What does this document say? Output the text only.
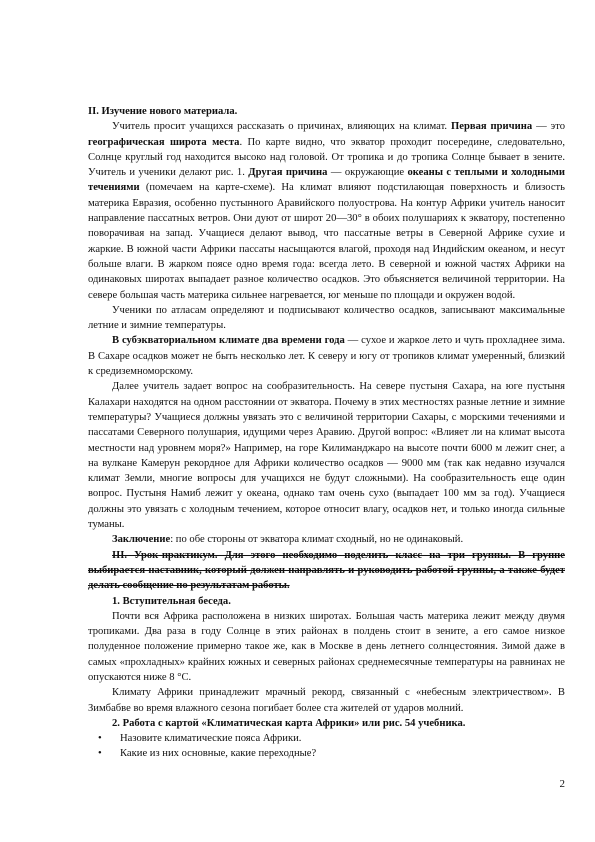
II. Изучение нового материала.

Учитель просит учащихся рассказать о причинах, влияющих на климат. Первая причина — это географическая широта места. По карте видно, что экватор проходит посередине, следовательно, Солнце круглый год находится высоко над головой. От тропика и до тропика Солнце бывает в зените. Учитель и ученики делают рис. 1. Другая причина — окружающие океаны с теплыми и холодными течениями (помечаем на карте-схеме). На климат влияют подстилающая поверхность и близость материка Евразия, особенно пустынного Аравийского полуострова. На контур Африки учитель наносит направление пассатных ветров. Они дуют от широт 20—30° в обоих полушариях к экватору, постепенно поворачивая на запад. Учащиеся делают вывод, что пассатные ветры в Северной Африке сухие и жаркие. В южной части Африки пассаты насыщаются влагой, проходя над Индийским океаном, и несут больше влаги. В жарком поясе одно время года: всегда лето. В северной и южной частях Африки на одинаковых широтах выпадает разное количество осадков. Это объясняется величиной территории. На севере большая часть материка сильнее нагревается, юг меньше по площади и окружен водой.

Ученики по атласам определяют и подписывают количество осадков, записывают максимальные летние и зимние температуры.

В субэкваториальном климате два времени года — сухое и жаркое лето и чуть прохладнее зима. В Сахаре осадков может не быть несколько лет. К северу и югу от тропиков климат умеренный, близкий к средиземноморскому.

Далее учитель задает вопрос на сообразительность. На севере пустыня Сахара, на юге пустыня Калахари находятся на одном расстоянии от экватора. Почему в этих местностях разные летние и зимние температуры? Учащиеся должны увязать это с величиной территории Сахары, с морскими течениями и пассатами Северного полушария, идущими через Аравию. Другой вопрос: «Влияет ли на климат высота местности над уровнем моря?» Например, на горе Килиманджаро на высоте почти 6000 м лежит снег, а на вулкане Камерун рекордное для Африки количество осадков — 9000 мм (так как недавно изучался климат Земли, многие вопросы для учащихся не будут сложными). На сообразительность еще один вопрос. Пустыня Намиб лежит у океана, однако там очень сухо (выпадает 100 мм за год). Учащиеся должны это увязать с холодным течением, которое относит влагу, осадков нет, и только иногда сильные туманы.

Заключение: по обе стороны от экватора климат сходный, но не одинаковый.

III. Урок-практикум. Для этого необходимо поделить класс на три группы. В группе выбирается наставник, который должен направлять и руководить работой группы, а также будет делать сообщение по результатам работы.

1. Вступительная беседа.

Почти вся Африка расположена в низких широтах. Большая часть материка лежит между двумя тропиками. Два раза в году Солнце в этих районах в полдень стоит в зените, а его самое низкое полуденное положение примерно такое же, как в Москве в день летнего солнцестояния. Зимой даже в самых «прохладных» крайних южных и северных районах среднемесячные температуры на равнинах не опускаются ниже 8 °С.

Климату Африки принадлежит мрачный рекорд, связанный с «небесным электричеством». В Зимбабве во время влажного сезона погибает более ста жителей от ударов молний.

2. Работа с картой «Климатическая карта Африки» или рис. 54 учебника.

• Назовите климатические пояса Африки.
• Какие из них основные, какие переходные?
2
